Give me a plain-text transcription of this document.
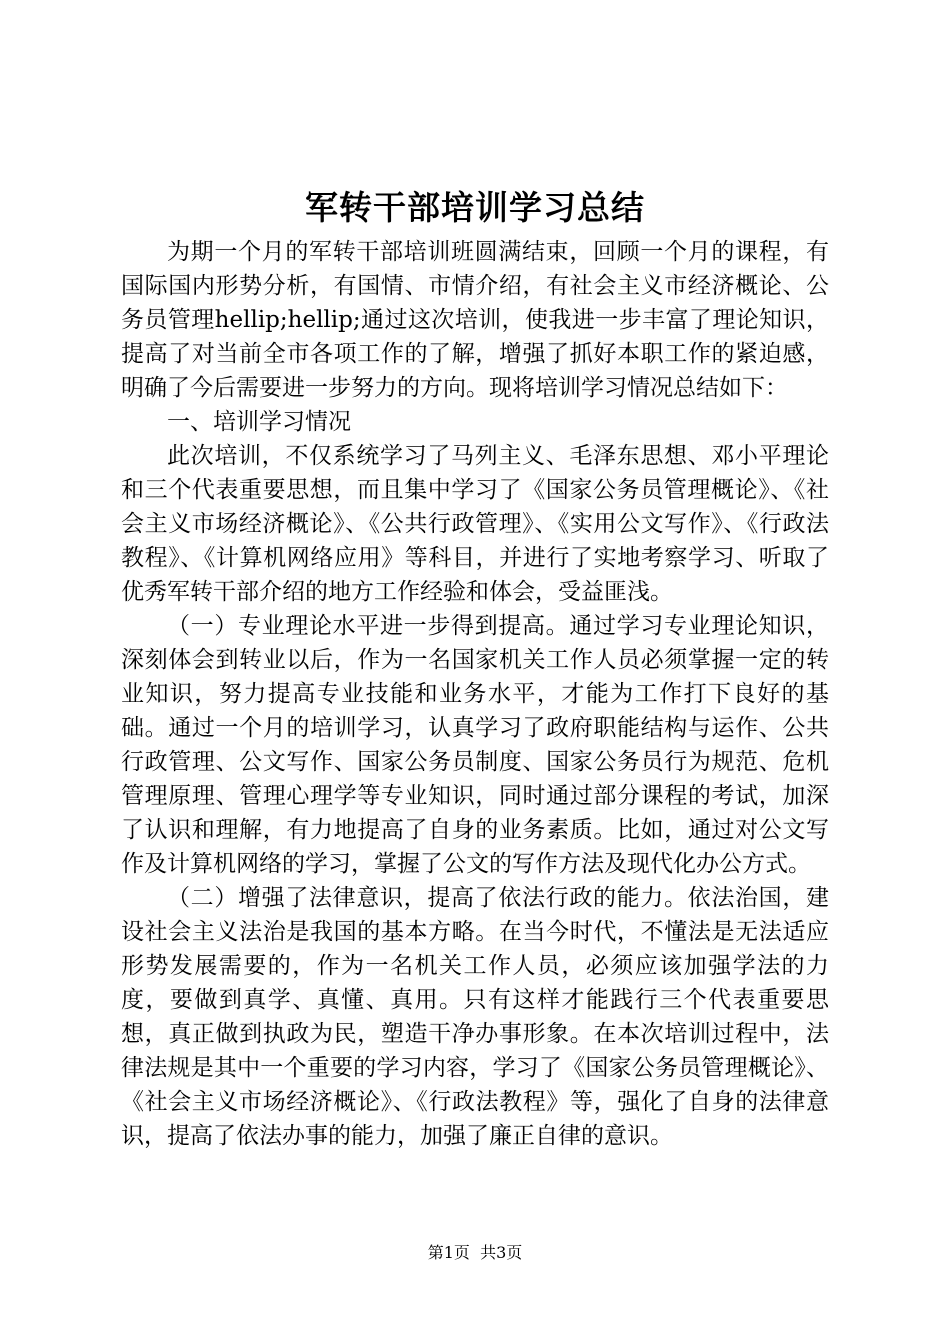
军转干部培训学习总结

为期一个月的军转干部培训班圆满结束，回顾一个月的课程，有国际国内形势分析，有国情、市情介绍，有社会主义市经济概论、公务员管理hellip;hellip;通过这次培训，使我进一步丰富了理论知识，提高了对当前全市各项工作的了解，增强了抓好本职工作的紧迫感，明确了今后需要进一步努力的方向。现将培训学习情况总结如下：

一、培训学习情况

此次培训，不仅系统学习了马列主义、毛泽东思想、邓小平理论和三个代表重要思想，而且集中学习了《国家公务员管理概论》、《社会主义市场经济概论》、《公共行政管理》、《实用公文写作》、《行政法教程》、《计算机网络应用》等科目，并进行了实地考察学习、听取了优秀军转干部介绍的地方工作经验和体会，受益匪浅。

（一）专业理论水平进一步得到提高。通过学习专业理论知识，深刻体会到转业以后，作为一名国家机关工作人员必须掌握一定的转业知识，努力提高专业技能和业务水平，才能为工作打下良好的基础。通过一个月的培训学习，认真学习了政府职能结构与运作、公共行政管理、公文写作、国家公务员制度、国家公务员行为规范、危机管理原理、管理心理学等专业知识，同时通过部分课程的考试，加深了认识和理解，有力地提高了自身的业务素质。比如，通过对公文写作及计算机网络的学习，掌握了公文的写作方法及现代化办公方式。

（二）增强了法律意识，提高了依法行政的能力。依法治国，建设社会主义法治是我国的基本方略。在当今时代，不懂法是无法适应形势发展需要的，作为一名机关工作人员，必须应该加强学法的力度，要做到真学、真懂、真用。只有这样才能践行三个代表重要思想，真正做到执政为民，塑造干净办事形象。在本次培训过程中，法律法规是其中一个重要的学习内容，学习了《国家公务员管理概论》、《社会主义市场经济概论》、《行政法教程》等，强化了自身的法律意识，提高了依法办事的能力，加强了廉正自律的意识。

第1页  共3页
